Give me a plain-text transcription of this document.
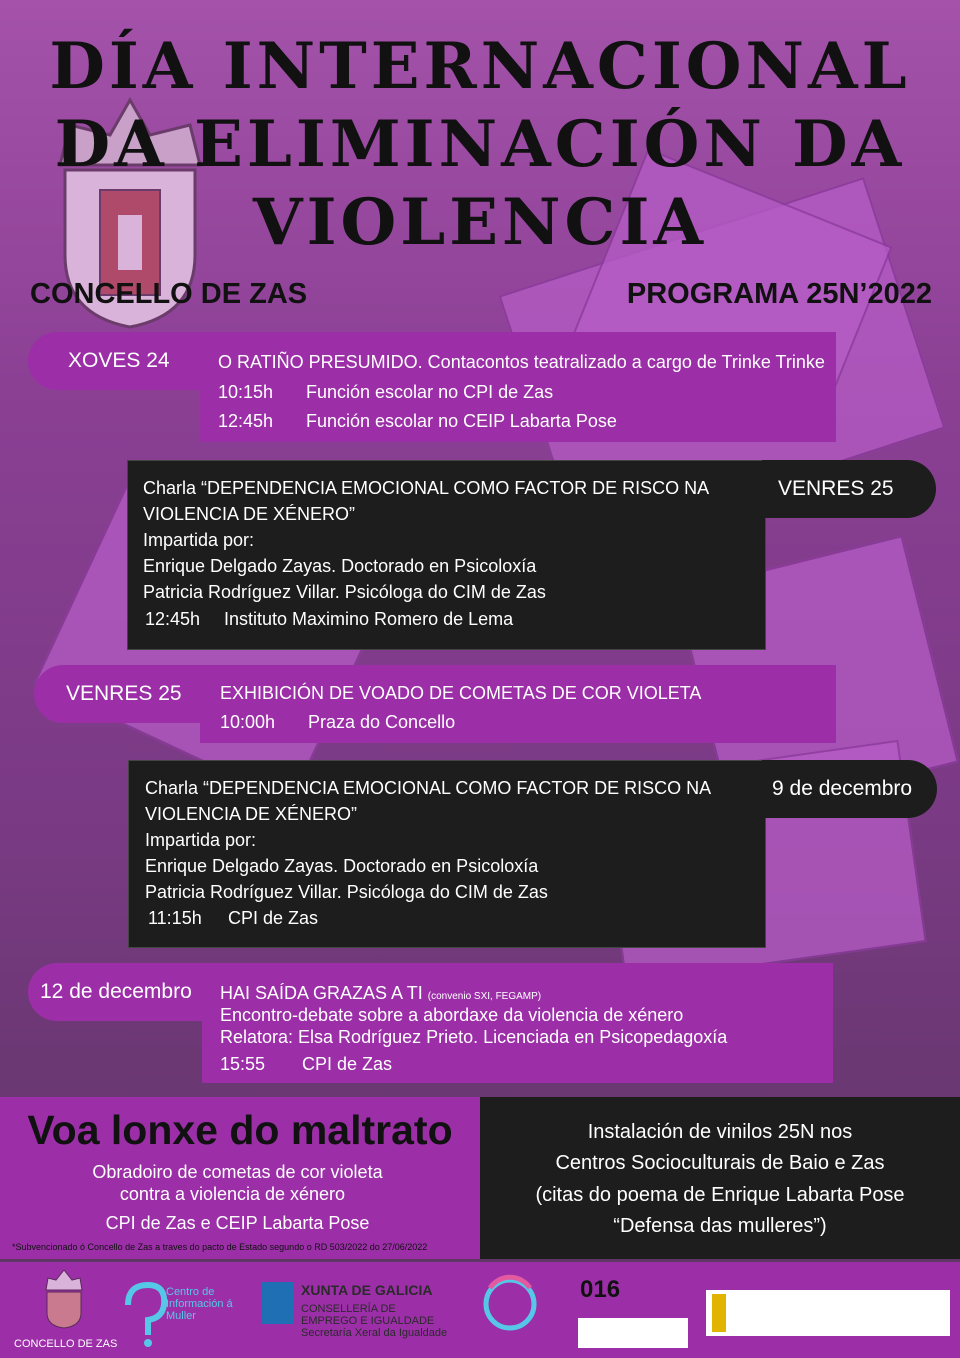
DÍA INTERNACIONAL
DA ELIMINACIÓN DA
VIOLENCIA
CONCELLO DE ZAS	PROGRAMA 25N’2022
XOVES 24	O RATIÑO PRESUMIDO. Contacontos teatralizado a cargo de Trinke Trinke
10:15h Función escolar no CPI de Zas
12:45h Función escolar no CEIP Labarta Pose
VENRES 25
Charla “DEPENDENCIA EMOCIONAL COMO FACTOR DE RISCO NA
VIOLENCIA DE XÉNERO”
Impartida por:
Enrique Delgado Zayas. Doctorado en Psicoloxía
Patricia Rodríguez Villar. Psicóloga do CIM de Zas
12:45h Instituto Maximino Romero de Lema
VENRES 25	EXHIBICIÓN DE VOADO DE COMETAS DE COR VIOLETA
10:00h Praza do Concello
9 de decembro
Charla “DEPENDENCIA EMOCIONAL COMO FACTOR DE RISCO NA
VIOLENCIA DE XÉNERO”
Impartida por:
Enrique Delgado Zayas. Doctorado en Psicoloxía
Patricia Rodríguez Villar. Psicóloga do CIM de Zas
11:15h CPI de Zas
12 de decembro	HAI SAÍDA GRAZAS A TI (convenio SXI, FEGAMP)
Encontro-debate sobre a abordaxe da violencia de xénero
Relatora: Elsa Rodríguez Prieto. Licenciada en Psicopedagoxía
15:55 CPI de Zas
Voa lonxe do maltrato
Obradoiro de cometas de cor violeta
contra a violencia de xénero
CPI de Zas e CEIP Labarta Pose
*Subvencionado ó Concello de Zas a traves do pacto de Estado segundo o RD 503/2022 do 27/06/2022
Instalación de vinilos 25N nos
Centros Socioculturais de Baio e Zas
(citas do poema de Enrique Labarta Pose
“Defensa das mulleres”)
CONCELLO DE ZAS
Centro de
Información á
Muller
XUNTA DE GALICIA
CONSELLERÍA DE
EMPREGO E IGUALDADE
Secretaría Xeral da Igualdade
016
